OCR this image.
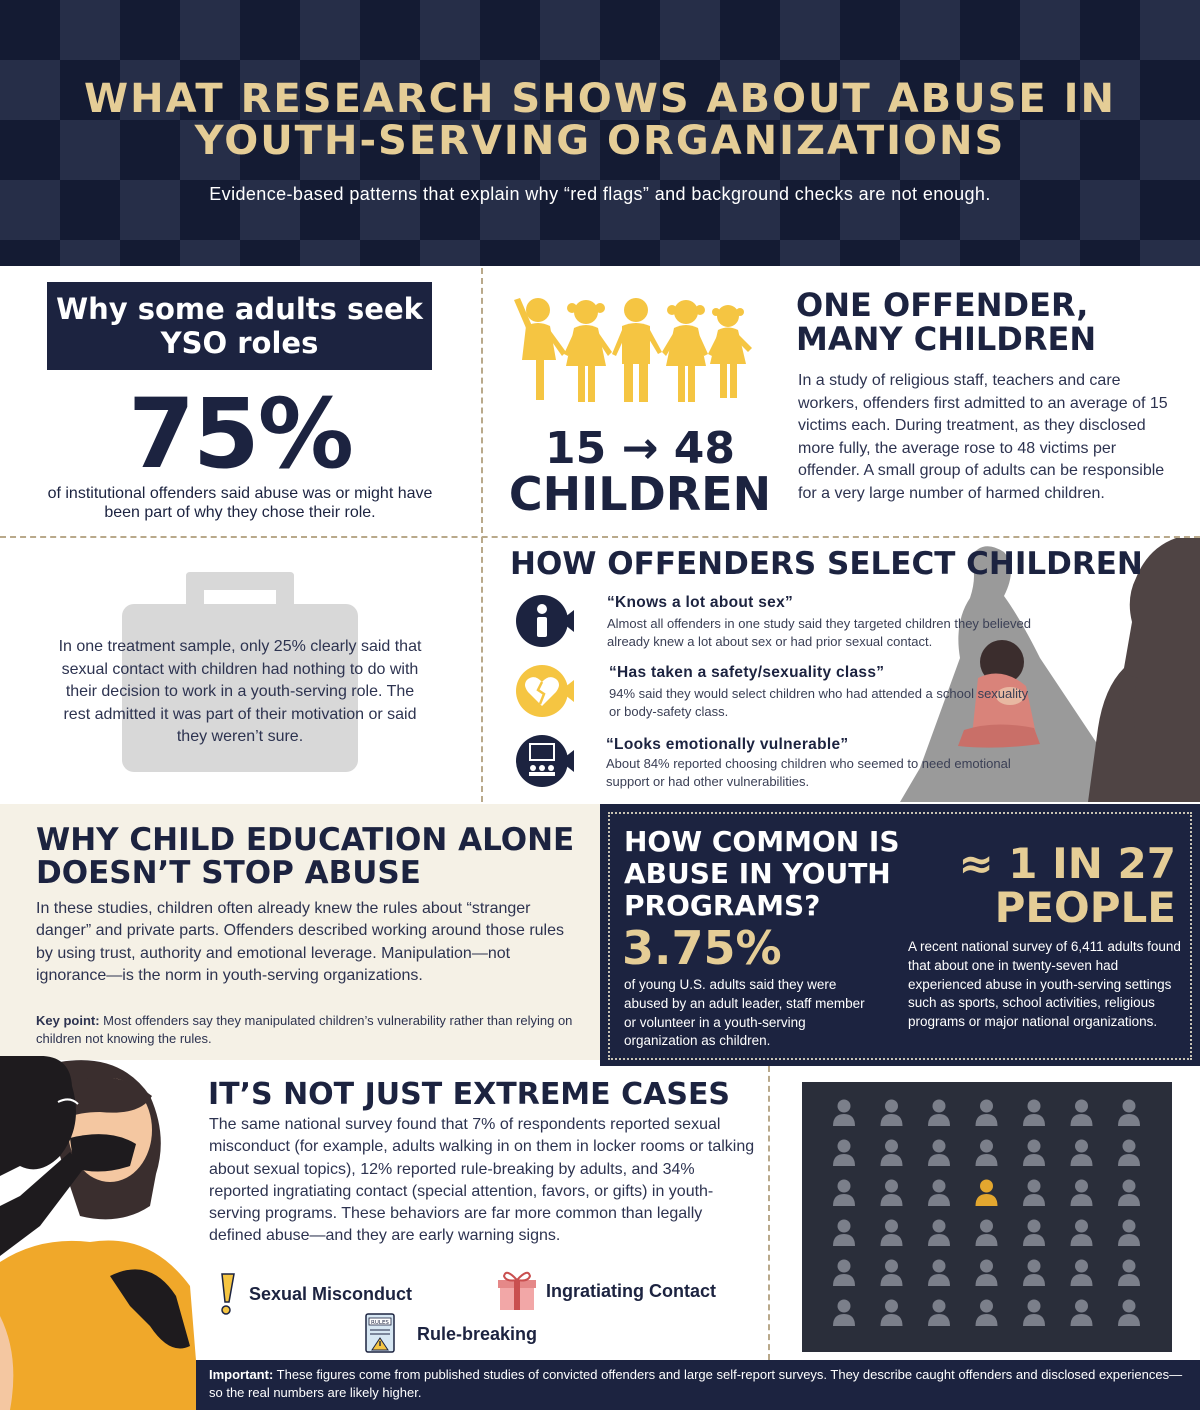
WHAT RESEARCH SHOWS ABOUT ABUSE IN YOUTH-SERVING ORGANIZATIONS
Evidence-based patterns that explain why “red flags” and background checks are not enough.
Why some adults seek YSO roles
75%
of institutional offenders said abuse was or might have been part of why they chose their role.
15 → 48
CHILDREN
ONE OFFENDER, MANY CHILDREN
In a study of religious staff, teachers and care workers, offenders first admitted to an average of 15 victims each. During treatment, as they disclosed more fully, the average rose to 48 victims per offender. A small group of adults can be responsible for a very large number of harmed children.
In one treatment sample, only 25% clearly said that sexual contact with children had nothing to do with their decision to work in a youth-serving role. The rest admitted it was part of their motivation or said they weren’t sure.
HOW OFFENDERS SELECT CHILDREN
“Knows a lot about sex”
Almost all offenders in one study said they targeted children they believed already knew a lot about sex or had prior sexual contact.
“Has taken a safety/sexuality class”
94% said they would select children who had attended a school sexuality or body-safety class.
“Looks emotionally vulnerable”
About 84% reported choosing children who seemed to need emotional support or had other vulnerabilities.
WHY CHILD EDUCATION ALONE DOESN’T STOP ABUSE
In these studies, children often already knew the rules about “stranger danger” and private parts. Offenders described working around those rules by using trust, authority and emotional leverage. Manipulation—not ignorance—is the norm in youth-serving organizations.
Key point: Most offenders say they manipulated children’s vulnerability rather than relying on children not knowing the rules.
HOW COMMON IS ABUSE IN YOUTH PROGRAMS?
3.75%
of young U.S. adults said they were abused by an adult leader, staff member or volunteer in a youth-serving organization as children.
≈ 1 IN 27
PEOPLE
A recent national survey of 6,411 adults found that about one in twenty-seven had experienced abuse in youth-serving settings such as sports, school activities, religious programs or major national organizations.
IT’S NOT JUST EXTREME CASES
The same national survey found that 7% of respondents reported sexual misconduct (for example, adults walking in on them in locker rooms or talking about sexual topics), 12% reported rule-breaking by adults, and 34% reported ingratiating contact (special attention, favors, or gifts) in youth-serving programs. These behaviors are far more common than legally defined abuse—and they are early warning signs.
Sexual Misconduct	Ingratiating Contact
RULES
Rule-breaking
Important: These figures come from published studies of convicted offenders and large self-report surveys. They describe caught offenders and disclosed experiences—so the real numbers are likely higher.
